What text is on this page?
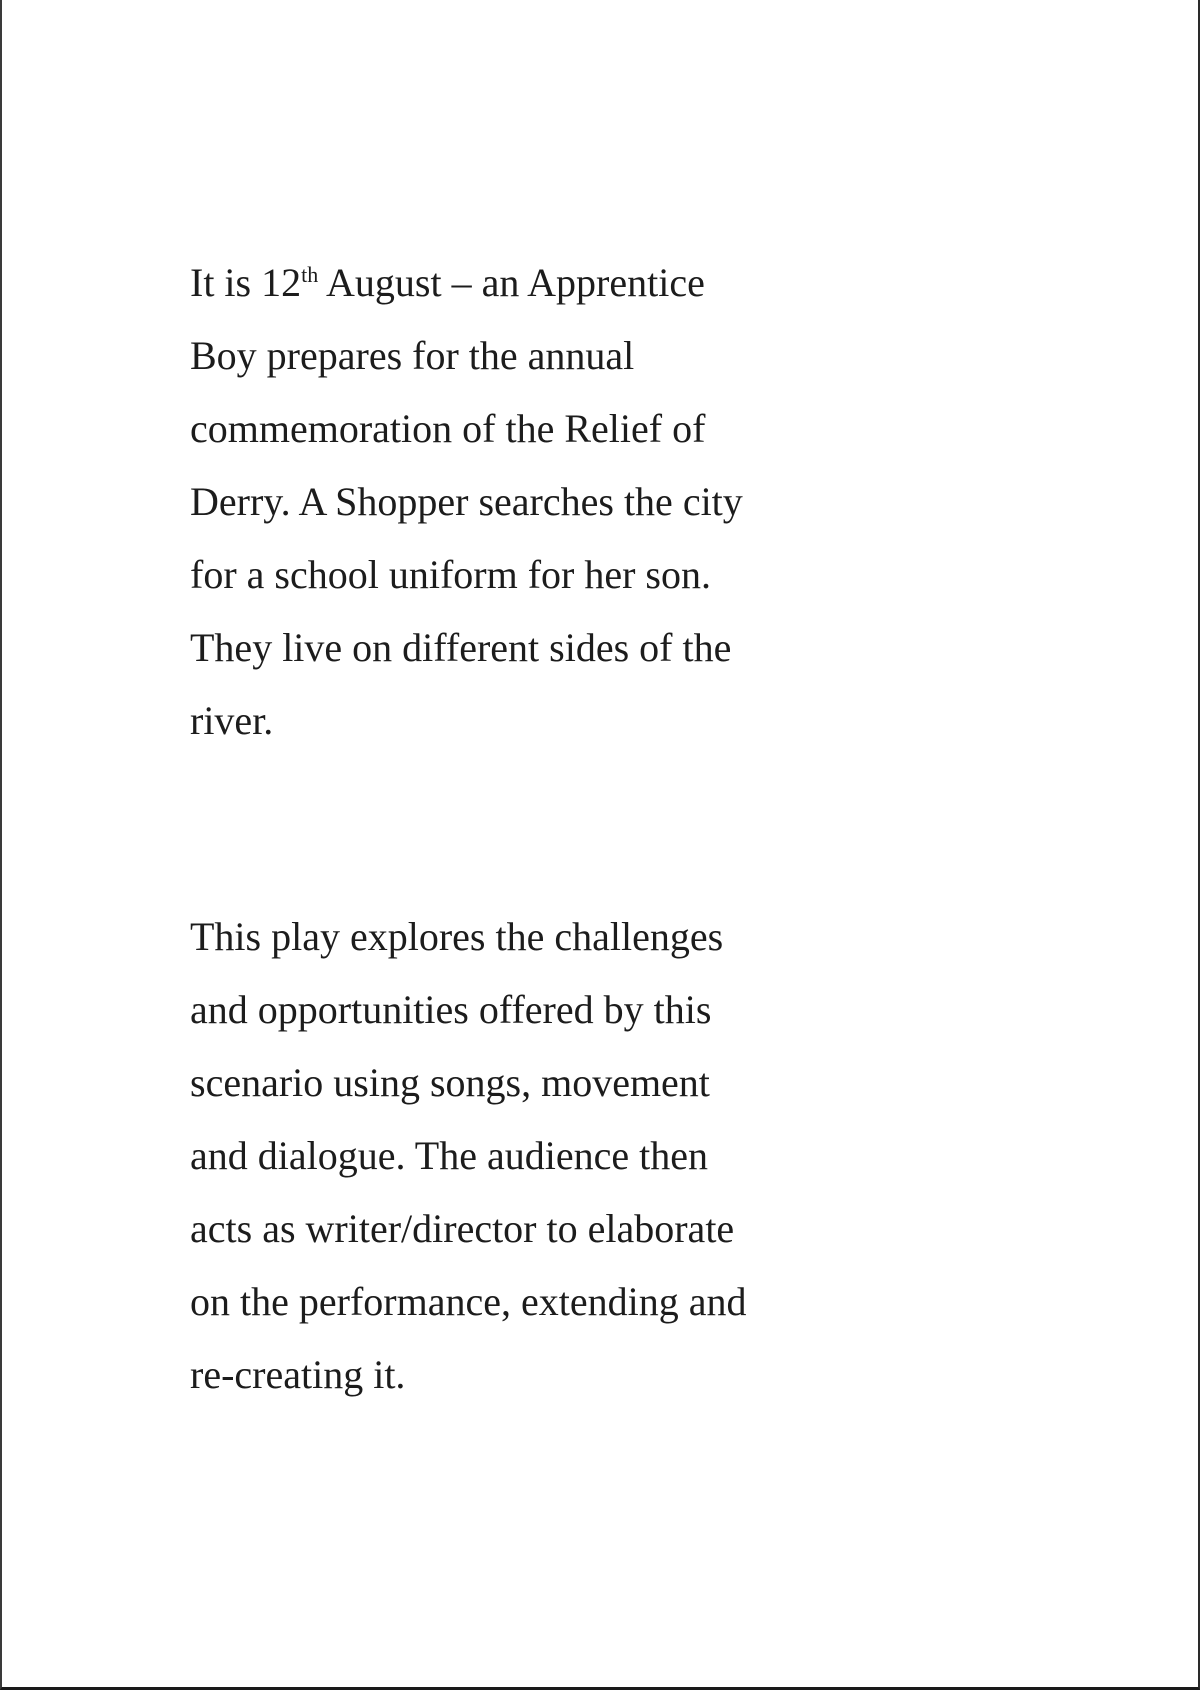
It is 12th August – an Apprentice
Boy prepares for the annual
commemoration of the Relief of
Derry. A Shopper searches the city
for a school uniform for her son.
They live on different sides of the
river.

This play explores the challenges
and opportunities offered by this
scenario using songs, movement
and dialogue. The audience then
acts as writer/director to elaborate
on the performance, extending and
re-creating it.
